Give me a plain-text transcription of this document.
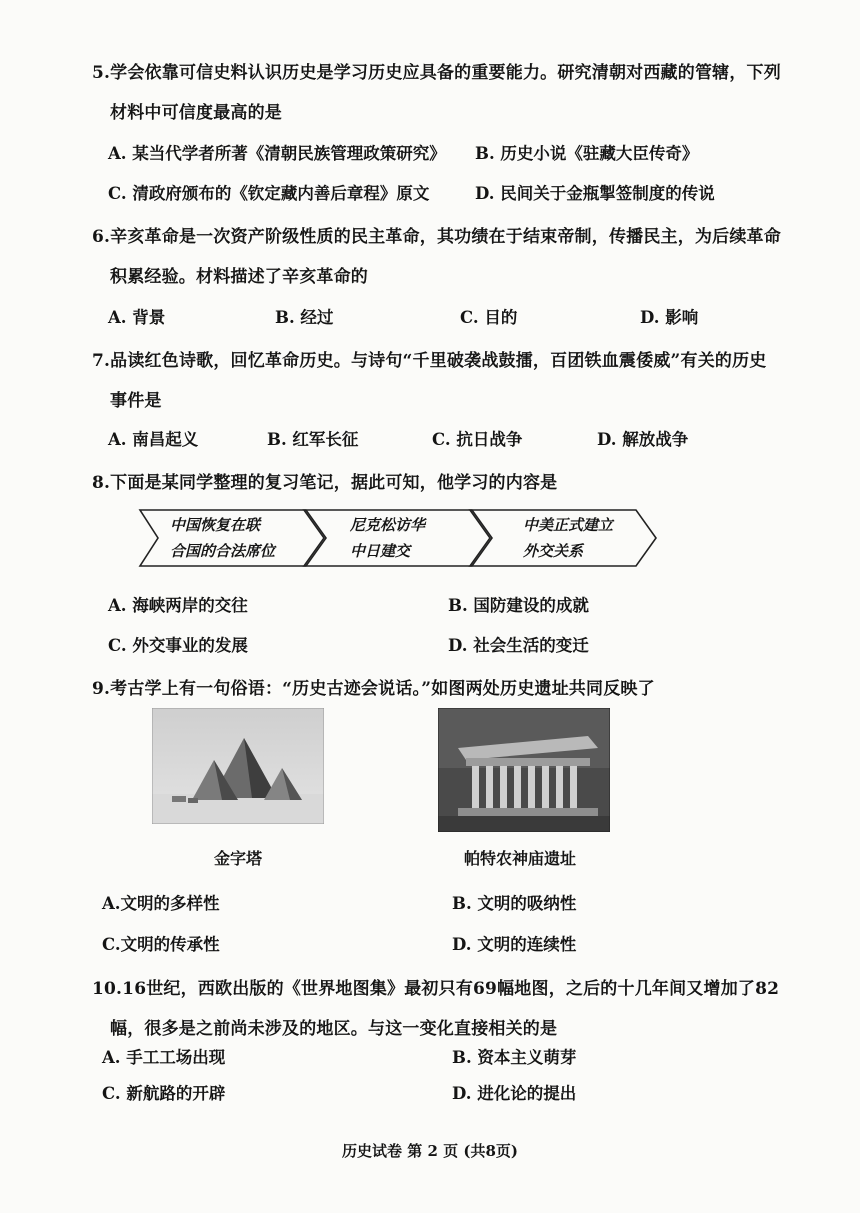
5.学会依靠可信史料认识历史是学习历史应具备的重要能力。研究清朝对西藏的管辖，下列
材料中可信度最高的是
A. 某当代学者所著《清朝民族管理政策研究》 B. 历史小说《驻藏大臣传奇》
C. 清政府颁布的《钦定藏内善后章程》原文	D. 民间关于金瓶掣签制度的传说
6.辛亥革命是一次资产阶级性质的民主革命，其功绩在于结束帝制，传播民主，为后续革命
积累经验。材料描述了辛亥革命的
A. 背景	B. 经过	C. 目的	D. 影响
7.品读红色诗歌，回忆革命历史。与诗句“千里破袭战鼓擂，百团铁血震倭威”有关的历史
事件是
A. 南昌起义	B. 红军长征	C. 抗日战争	D. 解放战争
8.下面是某同学整理的复习笔记，据此可知，他学习的内容是
中国恢复在联
合国的合法席位
尼克松访华
中日建交
中美正式建立
外交关系
A. 海峡两岸的交往	B. 国防建设的成就
C. 外交事业的发展	D. 社会生活的变迁
9.考古学上有一句俗语：“历史古迹会说话。”如图两处历史遗址共同反映了
金字塔	帕特农神庙遗址
A.文明的多样性	B. 文明的吸纳性
C.文明的传承性	D. 文明的连续性
10.16世纪，西欧出版的《世界地图集》最初只有69幅地图，之后的十几年间又增加了82
幅，很多是之前尚未涉及的地区。与这一变化直接相关的是
A. 手工工场出现	B. 资本主义萌芽
C. 新航路的开辟	D. 进化论的提出
历史试卷 第 2 页 (共8页)
